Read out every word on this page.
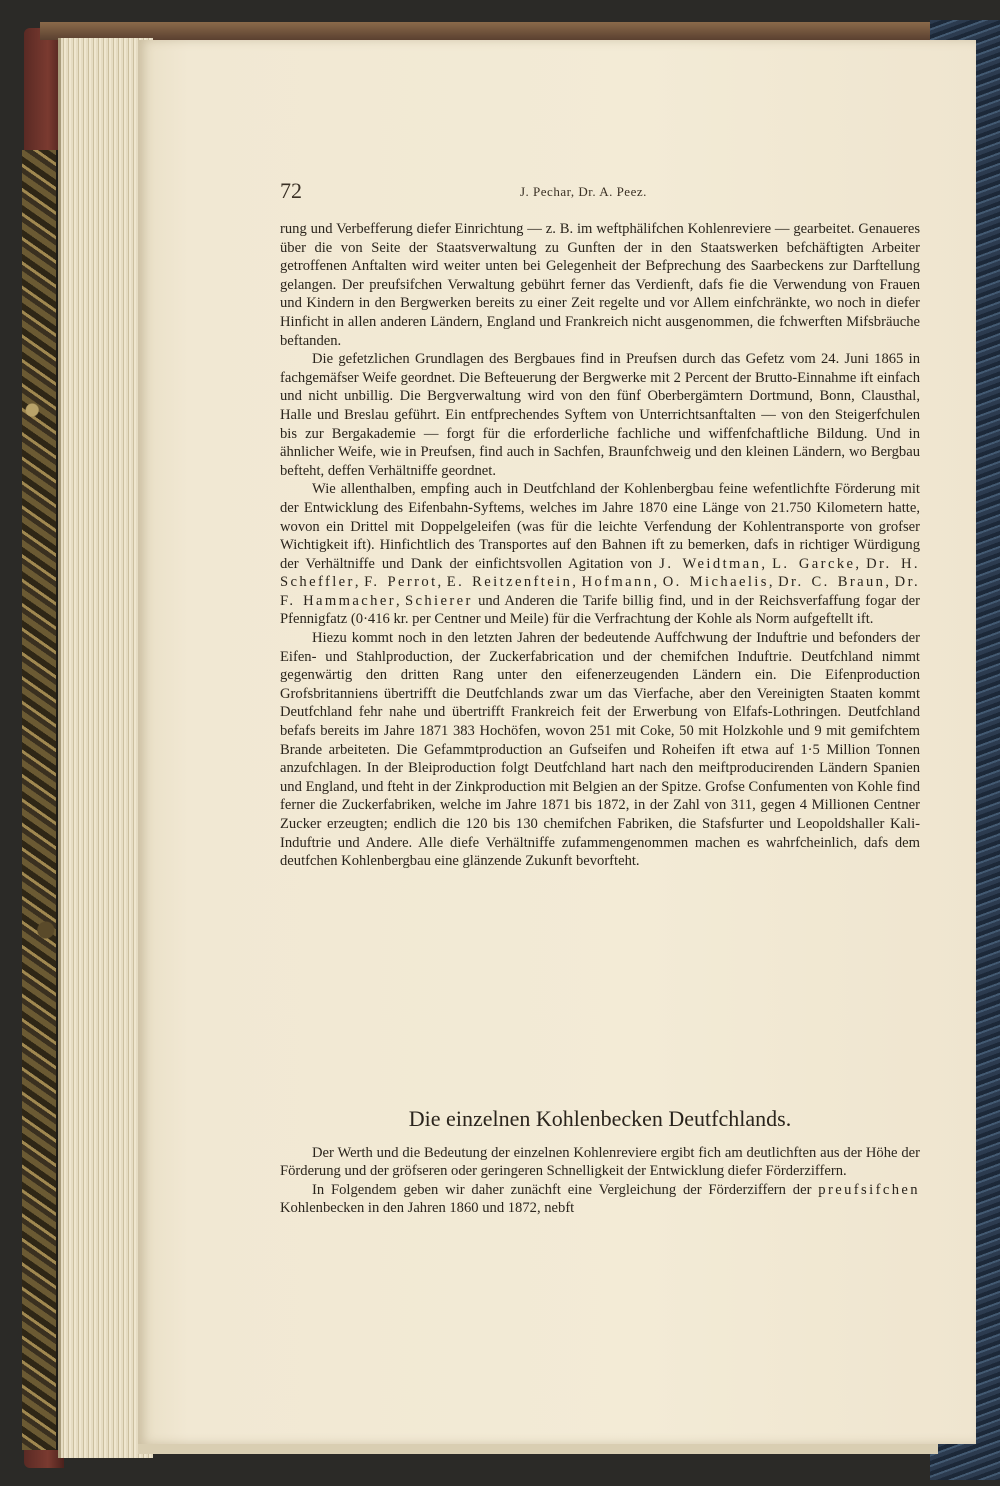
72	J. Pechar, Dr. A. Peez.

rung und Verbefferung diefer Einrichtung — z. B. im weftphälifchen Kohlenreviere — gearbeitet. Genaueres über die von Seite der Staatsverwaltung zu Gunften der in den Staatswerken befchäftigten Arbeiter getroffenen Anftalten wird weiter unten bei Gelegenheit der Befprechung des Saarbeckens zur Darftellung gelangen. Der preufsifchen Verwaltung gebührt ferner das Verdienft, dafs fie die Verwendung von Frauen und Kindern in den Bergwerken bereits zu einer Zeit regelte und vor Allem einfchränkte, wo noch in diefer Hinficht in allen anderen Ländern, England und Frankreich nicht ausgenommen, die fchwerften Mifsbräuche beftanden.

Die gefetzlichen Grundlagen des Bergbaues find in Preufsen durch das Gefetz vom 24. Juni 1865 in fachgemäfser Weife geordnet. Die Befteuerung der Bergwerke mit 2 Percent der Brutto-Einnahme ift einfach und nicht unbillig. Die Bergverwaltung wird von den fünf Oberbergämtern Dortmund, Bonn, Clausthal, Halle und Breslau geführt. Ein entfprechendes Syftem von Unterrichtsanftalten — von den Steigerfchulen bis zur Bergakademie — forgt für die erforderliche fachliche und wiffenfchaftliche Bildung. Und in ähnlicher Weife, wie in Preufsen, find auch in Sachfen, Braunfchweig und den kleinen Ländern, wo Bergbau befteht, deffen Verhältniffe geordnet.

Wie allenthalben, empfing auch in Deutfchland der Kohlenbergbau feine wefentlichfte Förderung mit der Entwicklung des Eifenbahn-Syftems, welches im Jahre 1870 eine Länge von 21.750 Kilometern hatte, wovon ein Drittel mit Doppelgeleifen (was für die leichte Verfendung der Kohlentransporte von grofser Wichtigkeit ift). Hinfichtlich des Transportes auf den Bahnen ift zu bemerken, dafs in richtiger Würdigung der Verhältniffe und Dank der einfichtsvollen Agitation von J. Weidtman, L. Garcke, Dr. H. Scheffler, F. Perrot, E. Reitzenftein, Hofmann, O. Michaelis, Dr. C. Braun, Dr. F. Hammacher, Schierer und Anderen die Tarife billig find, und in der Reichsverfaffung fogar der Pfennigfatz (0·416 kr. per Centner und Meile) für die Verfrachtung der Kohle als Norm aufgeftellt ift.

Hiezu kommt noch in den letzten Jahren der bedeutende Auffchwung der Induftrie und befonders der Eifen- und Stahlproduction, der Zuckerfabrication und der chemifchen Induftrie. Deutfchland nimmt gegenwärtig den dritten Rang unter den eifenerzeugenden Ländern ein. Die Eifenproduction Grofsbritanniens übertrifft die Deutfchlands zwar um das Vierfache, aber den Vereinigten Staaten kommt Deutfchland fehr nahe und übertrifft Frankreich feit der Erwerbung von Elfafs-Lothringen. Deutfchland befafs bereits im Jahre 1871 383 Hochöfen, wovon 251 mit Coke, 50 mit Holzkohle und 9 mit gemifchtem Brande arbeiteten. Die Gefammtproduction an Gufseifen und Roheifen ift etwa auf 1·5 Million Tonnen anzufchlagen. In der Bleiproduction folgt Deutfchland hart nach den meiftproducirenden Ländern Spanien und England, und fteht in der Zinkproduction mit Belgien an der Spitze. Grofse Confumenten von Kohle find ferner die Zuckerfabriken, welche im Jahre 1871 bis 1872, in der Zahl von 311, gegen 4 Millionen Centner Zucker erzeugten; endlich die 120 bis 130 chemifchen Fabriken, die Stafsfurter und Leopoldshaller Kali-Induftrie und Andere. Alle diefe Verhältniffe zufammengenommen machen es wahrfcheinlich, dafs dem deutfchen Kohlenbergbau eine glänzende Zukunft bevorfteht.

Die einzelnen Kohlenbecken Deutfchlands.

Der Werth und die Bedeutung der einzelnen Kohlenreviere ergibt fich am deutlichften aus der Höhe der Förderung und der gröfseren oder geringeren Schnelligkeit der Entwicklung diefer Förderziffern.

In Folgendem geben wir daher zunächft eine Vergleichung der Förderziffern der preufsifchen Kohlenbecken in den Jahren 1860 und 1872, nebft
